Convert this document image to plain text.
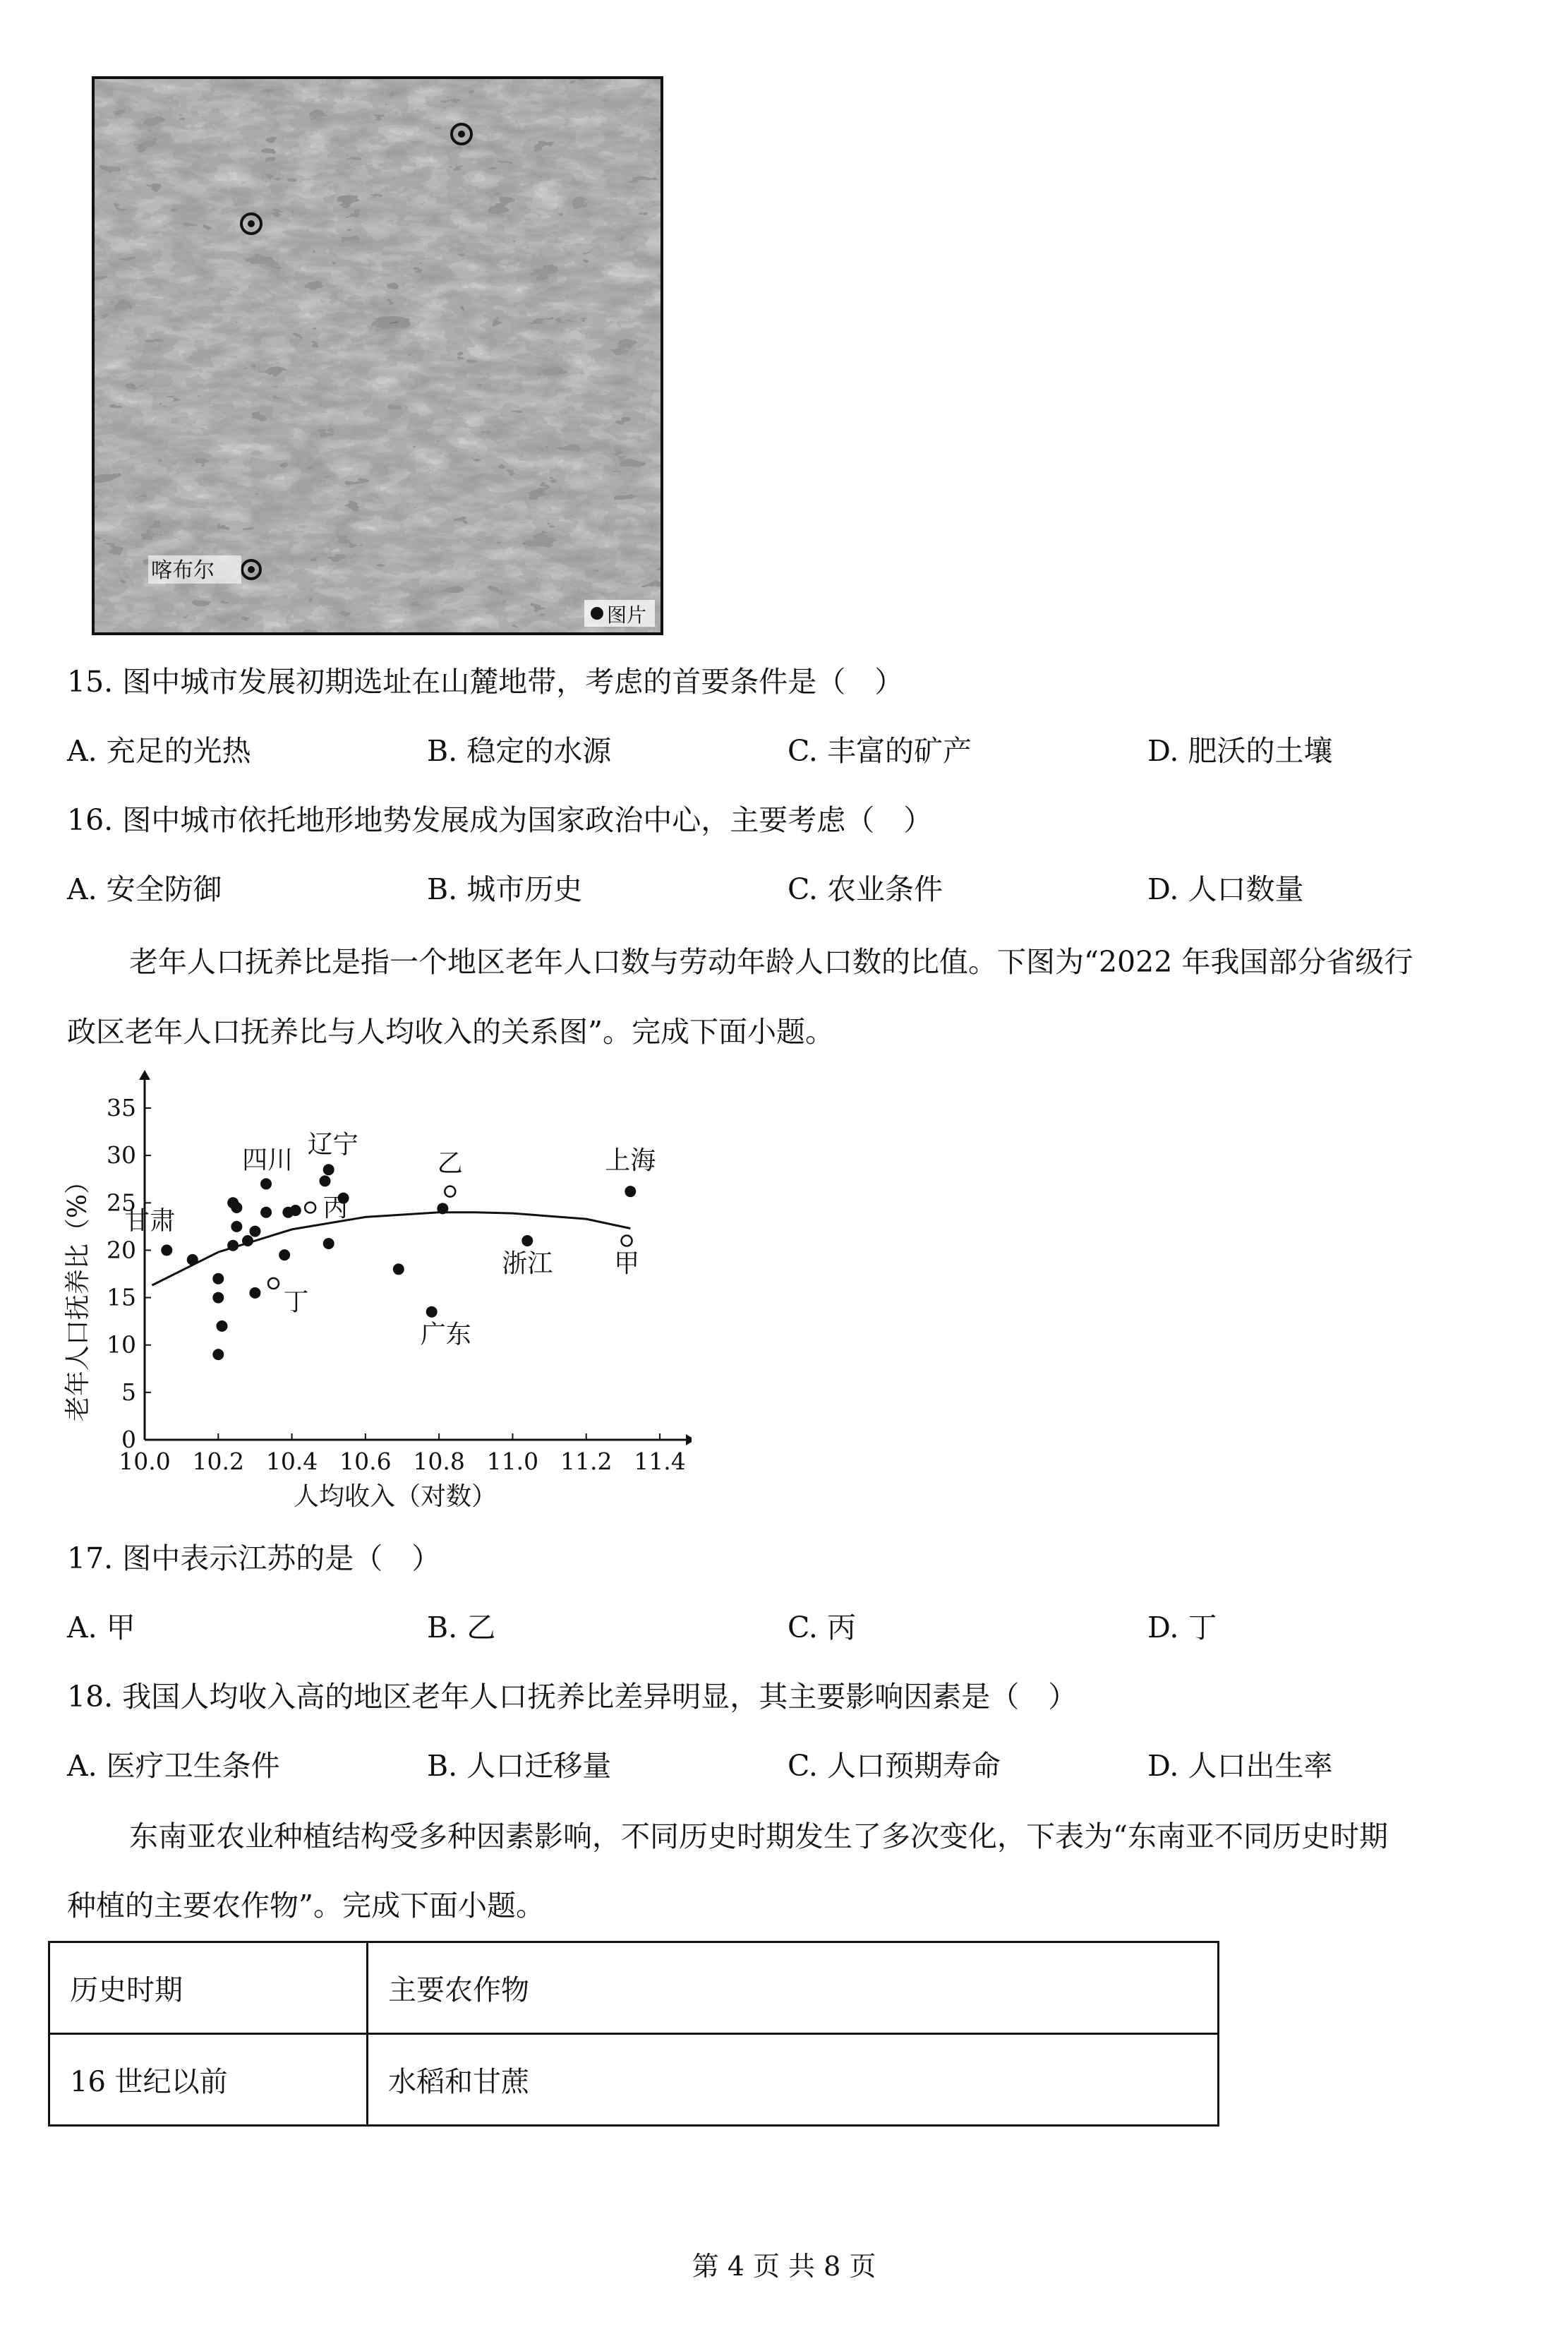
喀布尔
图片
15. 图中城市发展初期选址在山麓地带，考虑的首要条件是（　）
A. 充足的光热	B. 稳定的水源	C. 丰富的矿产	D. 肥沃的土壤
16. 图中城市依托地形地势发展成为国家政治中心，主要考虑（　）
A. 安全防御	B. 城市历史	C. 农业条件	D. 人口数量
老年人口抚养比是指一个地区老年人口数与劳动年龄人口数的比值。下图为“2022 年我国部分省级行
政区老年人口抚养比与人均收入的关系图”。完成下面小题。
老年人口抚养比（%）
人均收入（对数）
10.0 10.2 10.4 10.6 10.8 11.0 11.2 11.4
0
5
10
15
20
25
30
35
甘肃
四川
辽宁
广东
浙江
上海
乙
甲
丙
丁
17. 图中表示江苏的是（　）
A. 甲	B. 乙	C. 丙	D. 丁
18. 我国人均收入高的地区老年人口抚养比差异明显，其主要影响因素是（　）
A. 医疗卫生条件	B. 人口迁移量	C. 人口预期寿命	D. 人口出生率
东南亚农业种植结构受多种因素影响，不同历史时期发生了多次变化，下表为“东南亚不同历史时期
种植的主要农作物”。完成下面小题。
历史时期	主要农作物
16 世纪以前	水稻和甘蔗
第 4 页 共 8 页
